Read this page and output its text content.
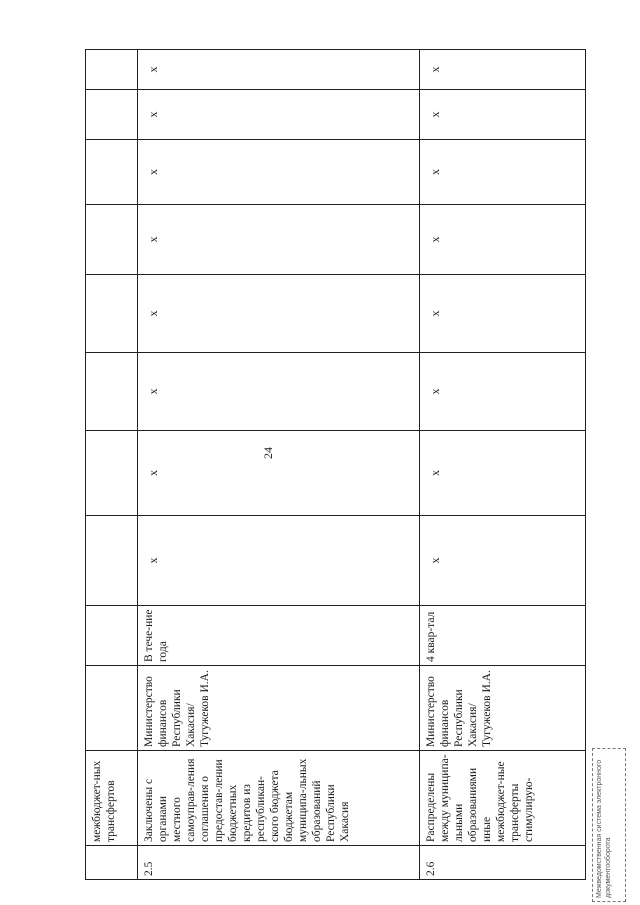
24
	межбюджет-ных трансфертов										
2.5	Заключены с органами местного самоуправ-ления соглашения о предостав-лении бюджетных кредитов из республикан-ского бюджета бюджетам муниципа-льных образований Республики Хакасия	Министерство финансов Республики Хакасия/ Тугужеков И.А.	В тече-ние года	x	x	x	x	x	x	x	x
2.6	Распределены между муниципа-льными образованиями иные межбюджет-ные трансферты стимулирую-	Министерство финансов Республики Хакасия/ Тугужеков И.А.	4 квар-тал	x	x	x	x	x	x	x	x
Межведомственная система электронного документооборота
